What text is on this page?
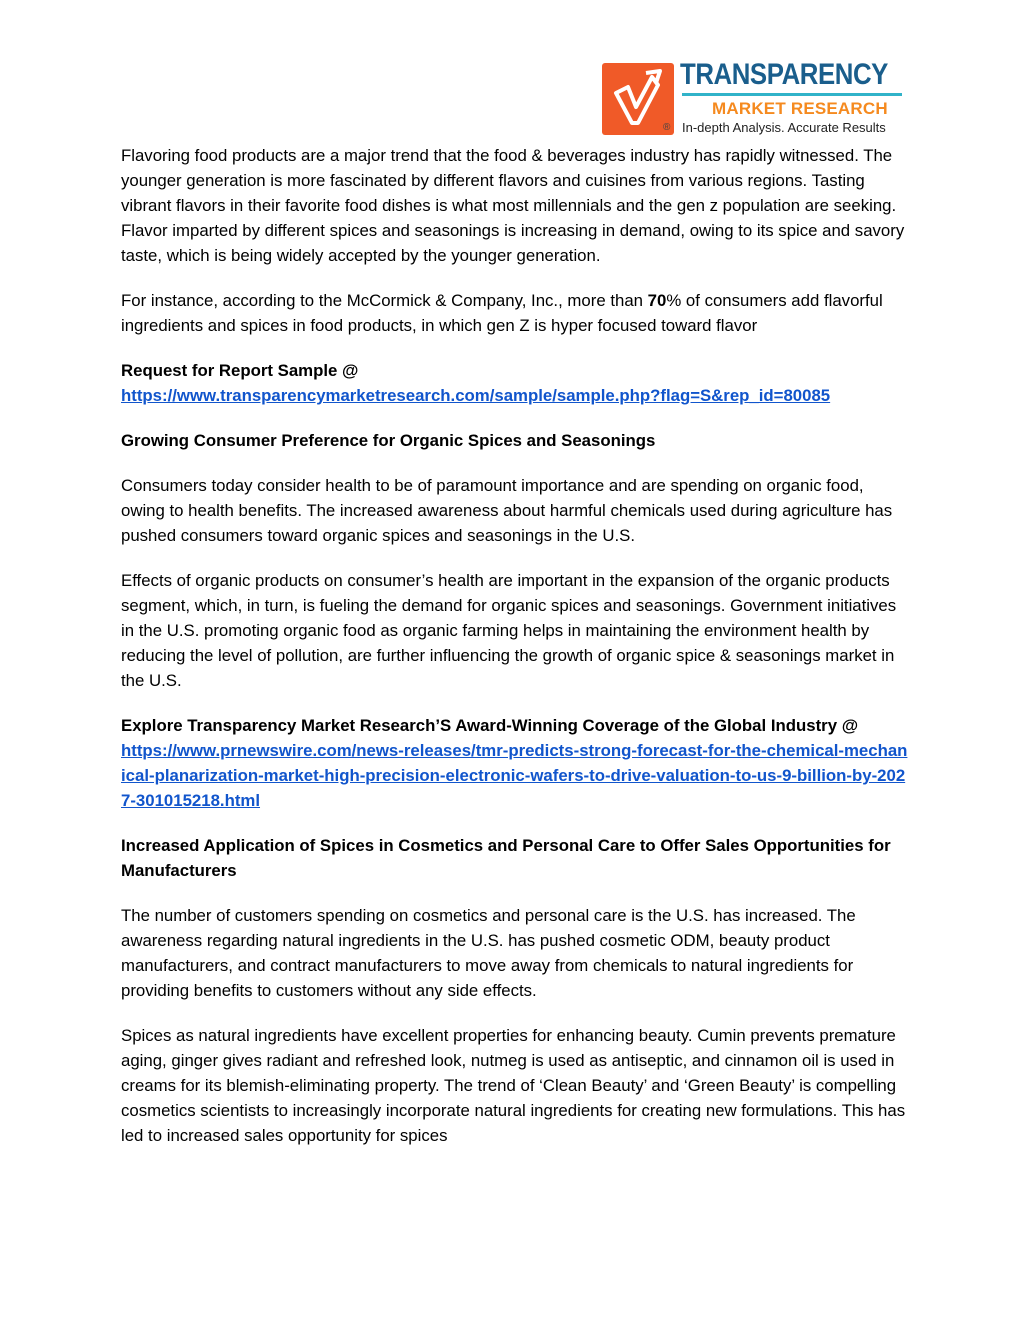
®
TRANSPARENCY
MARKET RESEARCH
In-depth Analysis. Accurate Results

Flavoring food products are a major trend that the food & beverages industry has rapidly witnessed. The younger generation is more fascinated by different flavors and cuisines from various regions. Tasting vibrant flavors in their favorite food dishes is what most millennials and the gen z population are seeking. Flavor imparted by different spices and seasonings is increasing in demand, owing to its spice and savory taste, which is being widely accepted by the younger generation.

For instance, according to the McCormick & Company, Inc., more than 70% of consumers add flavorful ingredients and spices in food products, in which gen Z is hyper focused toward flavor

Request for Report Sample @
https://www.transparencymarketresearch.com/sample/sample.php?flag=S&rep_id=80085

Growing Consumer Preference for Organic Spices and Seasonings

Consumers today consider health to be of paramount importance and are spending on organic food, owing to health benefits. The increased awareness about harmful chemicals used during agriculture has pushed consumers toward organic spices and seasonings in the U.S.

Effects of organic products on consumer’s health are important in the expansion of the organic products segment, which, in turn, is fueling the demand for organic spices and seasonings. Government initiatives in the U.S. promoting organic food as organic farming helps in maintaining the environment health by reducing the level of pollution, are further influencing the growth of organic spice & seasonings market in the U.S.

Explore Transparency Market Research’S Award-Winning Coverage of the Global Industry @
https://www.prnewswire.com/news-releases/tmr-predicts-strong-forecast-for-the-chemical-mechanical-planarization-market-high-precision-electronic-wafers-to-drive-valuation-to-us-9-billion-by-2027-301015218.html

Increased Application of Spices in Cosmetics and Personal Care to Offer Sales Opportunities for Manufacturers

The number of customers spending on cosmetics and personal care is the U.S. has increased. The awareness regarding natural ingredients in the U.S. has pushed cosmetic ODM, beauty product manufacturers, and contract manufacturers to move away from chemicals to natural ingredients for providing benefits to customers without any side effects.

Spices as natural ingredients have excellent properties for enhancing beauty. Cumin prevents premature aging, ginger gives radiant and refreshed look, nutmeg is used as antiseptic, and cinnamon oil is used in creams for its blemish-eliminating property. The trend of ‘Clean Beauty’ and ‘Green Beauty’ is compelling cosmetics scientists to increasingly incorporate natural ingredients for creating new formulations. This has led to increased sales opportunity for spices
